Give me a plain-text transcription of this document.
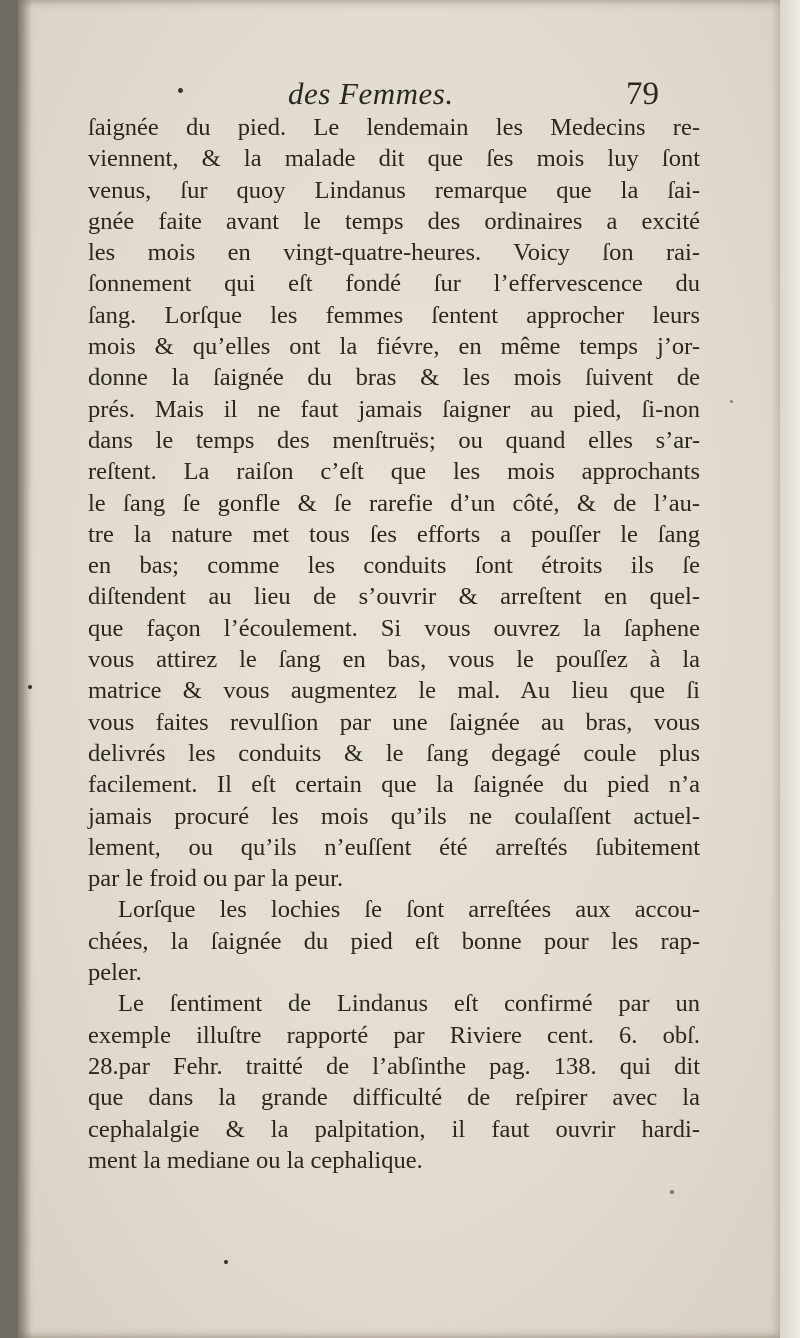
des Femmes.	79
ſaignée du pied. Le lendemain les Medecins re-
viennent, & la malade dit que ſes mois luy ſont
venus, ſur quoy Lindanus remarque que la ſai-
gnée faite avant le temps des ordinaires a excité
les mois en vingt-quatre-heures. Voicy ſon rai-
ſonnement qui eſt fondé ſur l’effervescence du
ſang. Lorſque les femmes ſentent approcher leurs
mois & qu’elles ont la fiévre, en même temps j’or-
donne la ſaignée du bras & les mois ſuivent de
prés. Mais il ne faut jamais ſaigner au pied, ſi-non
dans le temps des menſtruës; ou quand elles s’ar-
reſtent. La raiſon c’eſt que les mois approchants
le ſang ſe gonfle & ſe rarefie d’un côté, & de l’au-
tre la nature met tous ſes efforts a pouſſer le ſang
en bas; comme les conduits ſont étroits ils ſe
diſtendent au lieu de s’ouvrir & arreſtent en quel-
que façon l’écoulement. Si vous ouvrez la ſaphene
vous attirez le ſang en bas, vous le pouſſez à la
matrice & vous augmentez le mal. Au lieu que ſi
vous faites revulſion par une ſaignée au bras, vous
delivrés les conduits & le ſang degagé coule plus
facilement. Il eſt certain que la ſaignée du pied n’a
jamais procuré les mois qu’ils ne coulaſſent actuel-
lement, ou qu’ils n’euſſent été arreſtés ſubitement
par le froid ou par la peur.
Lorſque les lochies ſe ſont arreſtées aux accou-
chées, la ſaignée du pied eſt bonne pour les rap-
peler.
Le ſentiment de Lindanus eſt confirmé par un
exemple illuſtre rapporté par Riviere cent. 6. obſ.
28.par Fehr. traitté de l’abſinthe pag. 138. qui dit
que dans la grande difficulté de reſpirer avec la
cephalalgie & la palpitation, il faut ouvrir hardi-
ment la mediane ou la cephalique.
